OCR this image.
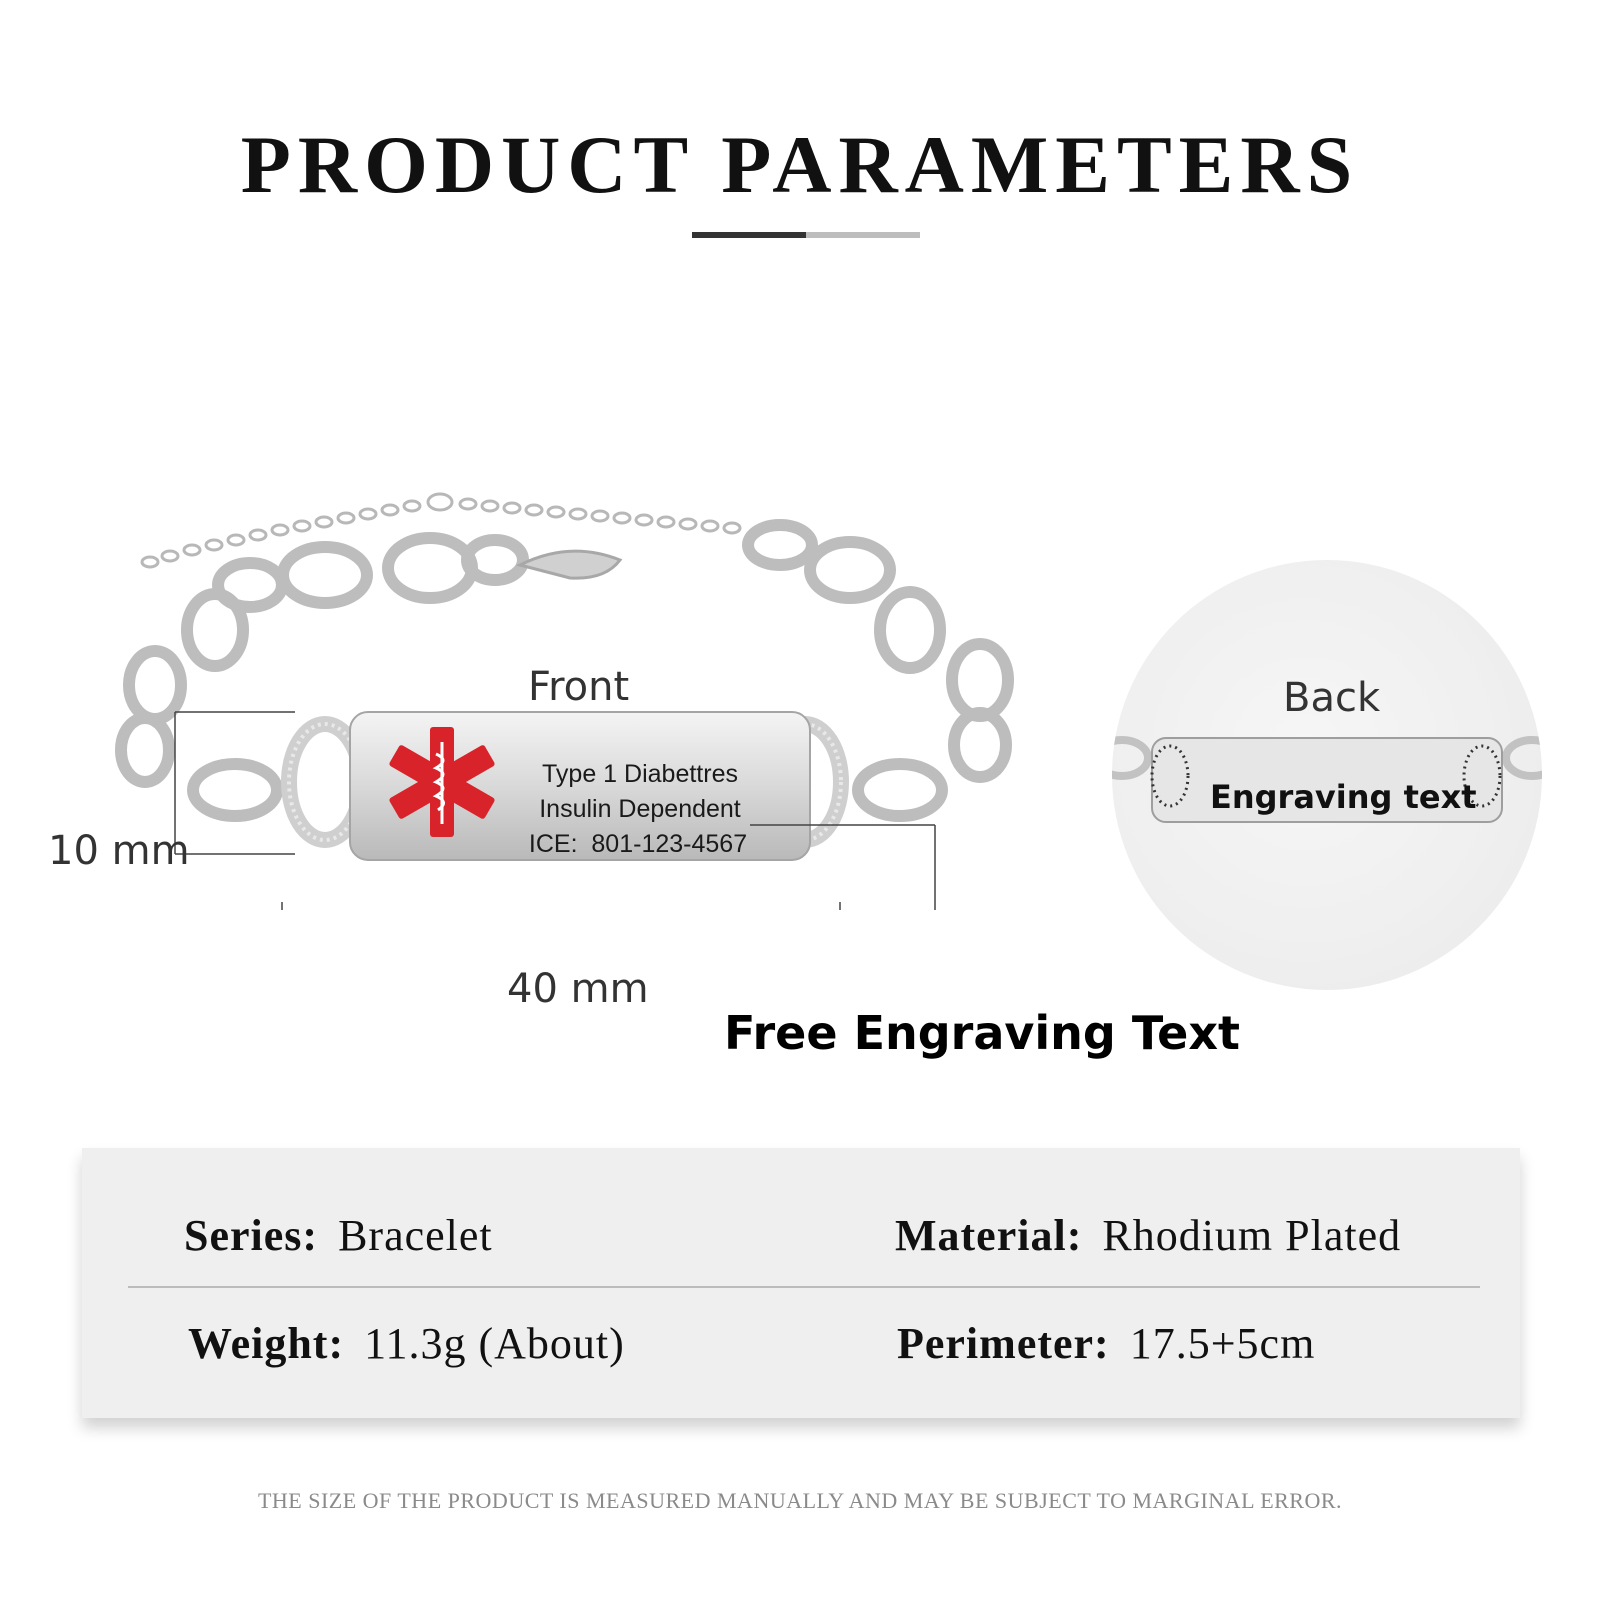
PRODUCT PARAMETERS
Type 1 Diabettres
Insulin Dependent
ICE:  801-123-4567
Front
10 mm
40 mm
Free Engraving Text
Back
Engraving text
Series: Bracelet	Material: Rhodium Plated
Weight: 11.3g (About)	Perimeter: 17.5+5cm
THE SIZE OF THE PRODUCT IS MEASURED MANUALLY AND MAY BE SUBJECT TO MARGINAL ERROR.
